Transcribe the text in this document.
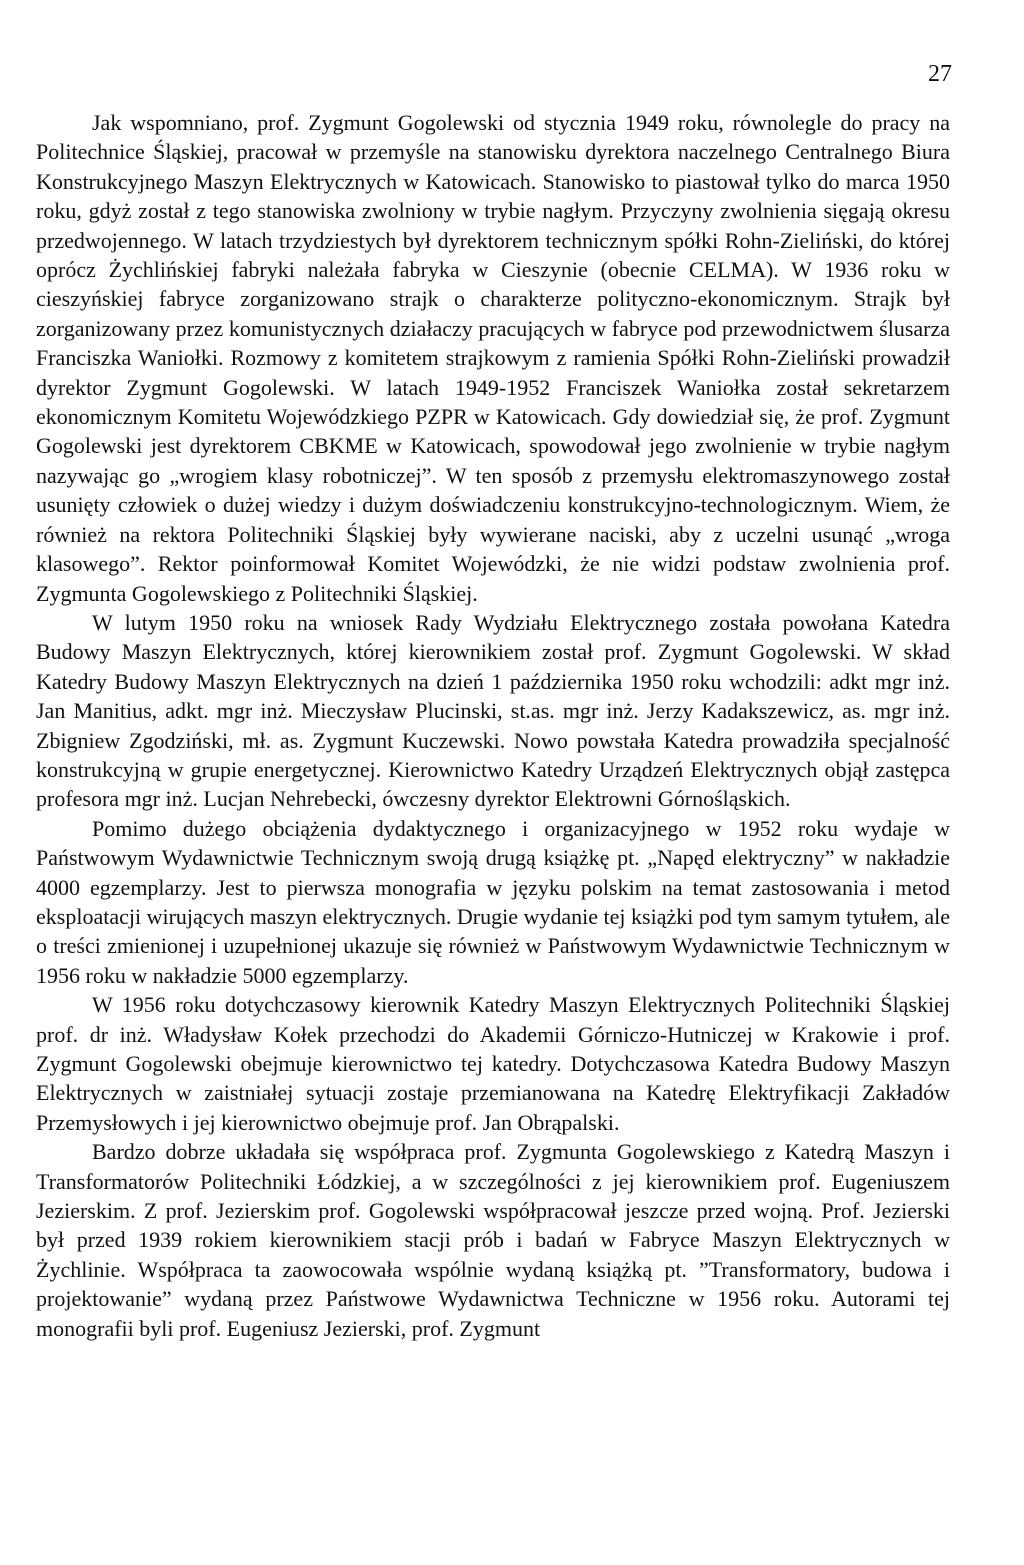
27

Jak wspomniano, prof. Zygmunt Gogolewski od stycznia 1949 roku, równolegle do pracy na Politechnice Śląskiej, pracował w przemyśle na stanowisku dyrektora naczelnego Centralnego Biura Konstrukcyjnego Maszyn Elektrycznych w Katowicach. Stanowisko to piastował tylko do marca 1950 roku, gdyż został z tego stanowiska zwolniony w trybie nagłym. Przyczyny zwolnienia sięgają okresu przedwojennego. W latach trzydziestych był dyrektorem technicznym spółki Rohn-Zieliński, do której oprócz Żychlińskiej fabryki należała fabryka w Cieszynie (obecnie CELMA). W 1936 roku w cieszyńskiej fabryce zorganizowano strajk o charakterze polityczno-ekonomicznym. Strajk był zorganizowany przez komunistycznych działaczy pracujących w fabryce pod przewodnictwem ślusarza Franciszka Waniołki. Rozmowy z komitetem strajkowym z ramienia Spółki Rohn-Zieliński prowadził dyrektor Zygmunt Gogolewski. W latach 1949-1952 Franciszek Waniołka został sekretarzem ekonomicznym Komitetu Wojewódzkiego PZPR w Katowicach. Gdy dowiedział się, że prof. Zygmunt Gogolewski jest dyrektorem CBKME w Katowicach, spowodował jego zwolnienie w trybie nagłym nazywając go „wrogiem klasy robotniczej”. W ten sposób z przemysłu elektromaszynowego został usunięty człowiek o dużej wiedzy i dużym doświadczeniu konstrukcyjno-technologicznym. Wiem, że również na rektora Politechniki Śląskiej były wywierane naciski, aby z uczelni usunąć „wroga klasowego”. Rektor poinformował Komitet Wojewódzki, że nie widzi podstaw zwolnienia prof. Zygmunta Gogolewskiego z Politechniki Śląskiej.

W lutym 1950 roku na wniosek Rady Wydziału Elektrycznego została powołana Katedra Budowy Maszyn Elektrycznych, której kierownikiem został prof. Zygmunt Gogolewski. W skład Katedry Budowy Maszyn Elektrycznych na dzień 1 października 1950 roku wchodzili: adkt mgr inż. Jan Manitius, adkt. mgr inż. Mieczysław Plucinski, st.as. mgr inż. Jerzy Kadakszewicz, as. mgr inż. Zbigniew Zgodziński, mł. as. Zygmunt Kuczewski. Nowo powstała Katedra prowadziła specjalność konstrukcyjną w grupie energetycznej. Kierownictwo Katedry Urządzeń Elektrycznych objął zastępca profesora mgr inż. Lucjan Nehrebecki, ówczesny dyrektor Elektrowni Górnośląskich.

Pomimo dużego obciążenia dydaktycznego i organizacyjnego w 1952 roku wydaje w Państwowym Wydawnictwie Technicznym swoją drugą książkę pt. „Napęd elektryczny” w nakładzie 4000 egzemplarzy. Jest to pierwsza monografia w języku polskim na temat zastosowania i metod eksploatacji wirujących maszyn elektrycznych. Drugie wydanie tej książki pod tym samym tytułem, ale o treści zmienionej i uzupełnionej ukazuje się również w Państwowym Wydawnictwie Technicznym w 1956 roku w nakładzie 5000 egzemplarzy.

W 1956 roku dotychczasowy kierownik Katedry Maszyn Elektrycznych Politechniki Śląskiej prof. dr inż. Władysław Kołek przechodzi do Akademii Górniczo-Hutniczej w Krakowie i prof. Zygmunt Gogolewski obejmuje kierownictwo tej katedry. Dotychczasowa Katedra Budowy Maszyn Elektrycznych w zaistniałej sytuacji zostaje przemianowana na Katedrę Elektryfikacji Zakładów Przemysłowych i jej kierownictwo obejmuje prof. Jan Obrąpalski.

Bardzo dobrze układała się współpraca prof. Zygmunta Gogolewskiego z Katedrą Maszyn i Transformatorów Politechniki Łódzkiej, a w szczególności z jej kierownikiem prof. Eugeniuszem Jezierskim. Z prof. Jezierskim prof. Gogolewski współpracował jeszcze przed wojną. Prof. Jezierski był przed 1939 rokiem kierownikiem stacji prób i badań w Fabryce Maszyn Elektrycznych w Żychlinie. Współpraca ta zaowocowała wspólnie wydaną książką pt. ”Transformatory, budowa i projektowanie” wydaną przez Państwowe Wydawnictwa Techniczne w 1956 roku. Autorami tej monografii byli prof. Eugeniusz Jezierski, prof. Zygmunt
